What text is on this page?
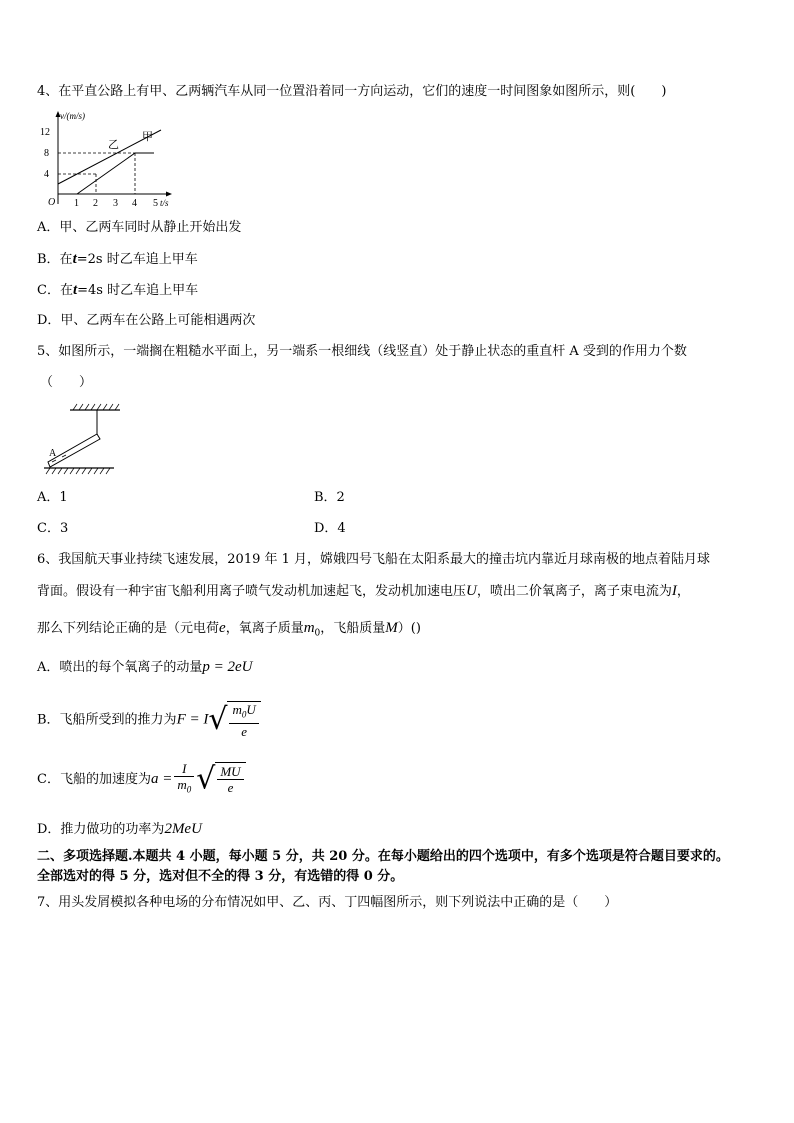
4、在平直公路上有甲、乙两辆汽车从同一位置沿着同一方向运动，它们的速度一时间图象如图所示，则(　　)
v/(m/s)
12
8
4
O 1 2 3 4 5 t/s
甲
乙
A．甲、乙两车同时从静止开始出发
B．在t=2s 时乙车追上甲车
C．在t=4s 时乙车追上甲车
D．甲、乙两车在公路上可能相遇两次
5、如图所示，一端搁在粗糙水平面上，另一端系一根细线（线竖直）处于静止状态的重直杆 A 受到的作用力个数
（　　）
A
A．1	B．2
C．3	D．4
6、我国航天事业持续飞速发展，2019 年 1 月，嫦娥四号飞船在太阳系最大的撞击坑内靠近月球南极的地点着陆月球
背面。假设有一种宇宙飞船利用离子喷气发动机加速起飞，发动机加速电压U，喷出二价氧离子，离子束电流为I，
那么下列结论正确的是（元电荷e，氧离子质量$m_0$，飞船质量M）()
A．喷出的每个氧离子的动量p = 2eU
B．飞船所受到的推力为$F = I√ \frac{m_0U}{e}$
C．飞船的加速度为$a = \frac{I}{m_0}$ √ $\frac{MU}{e}$
D．推力做功的功率为2MeU
二、多项选择题.本题共 4 小题，每小题 5 分，共 20 分。在每小题给出的四个选项中，有多个选项是符合题目要求的。
全部选对的得 5 分，选对但不全的得 3 分，有选错的得 0 分。
7、用头发屑模拟各种电场的分布情况如甲、乙、丙、丁四幅图所示，则下列说法中正确的是（　　）
